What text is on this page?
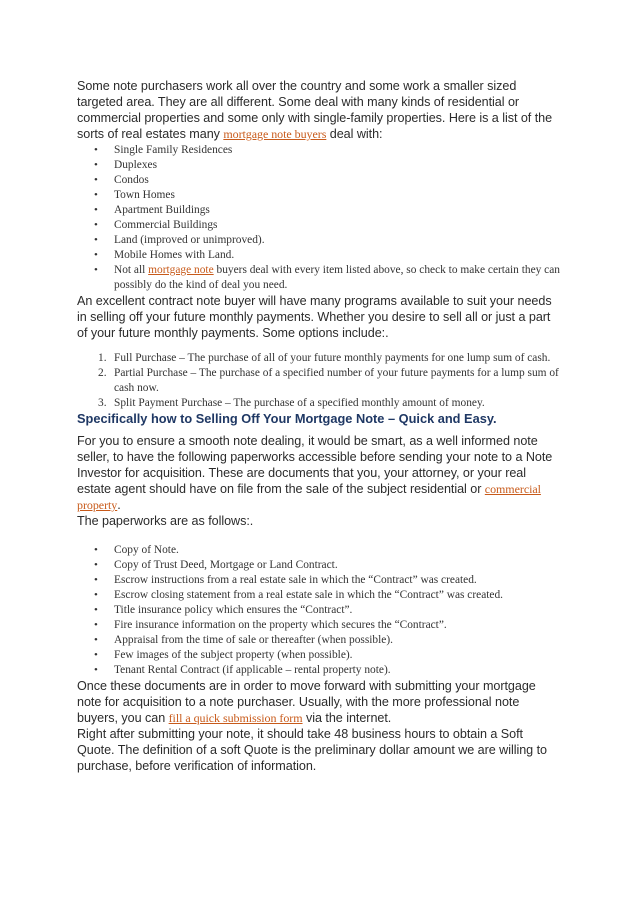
Some note purchasers work all over the country and some work a smaller sized targeted area. They are all different. Some deal with many kinds of residential or commercial properties and some only with single-family properties. Here is a list of the sorts of real estates many mortgage note buyers deal with:

• Single Family Residences
• Duplexes
• Condos
• Town Homes
• Apartment Buildings
• Commercial Buildings
• Land (improved or unimproved).
• Mobile Homes with Land.
• Not all mortgage note buyers deal with every item listed above, so check to make certain they can possibly do the kind of deal you need.

An excellent contract note buyer will have many programs available to suit your needs in selling off your future monthly payments. Whether you desire to sell all or just a part of your future monthly payments. Some options include:.

1. Full Purchase – The purchase of all of your future monthly payments for one lump sum of cash.
2. Partial Purchase – The purchase of a specified number of your future payments for a lump sum of cash now.
3. Split Payment Purchase – The purchase of a specified monthly amount of money.
Specifically how to Selling Off Your Mortgage Note – Quick and Easy.

For you to ensure a smooth note dealing, it would be smart, as a well informed note seller, to have the following paperworks accessible before sending your note to a Note Investor for acquisition. These are documents that you, your attorney, or your real estate agent should have on file from the sale of the subject residential or commercial property.

The paperworks are as follows:.

• Copy of Note.
• Copy of Trust Deed, Mortgage or Land Contract.
• Escrow instructions from a real estate sale in which the “Contract” was created.
• Escrow closing statement from a real estate sale in which the “Contract” was created.
• Title insurance policy which ensures the “Contract”.
• Fire insurance information on the property which secures the “Contract”.
• Appraisal from the time of sale or thereafter (when possible).
• Few images of the subject property (when possible).
• Tenant Rental Contract (if applicable – rental property note).

Once these documents are in order to move forward with submitting your mortgage note for acquisition to a note purchaser. Usually, with the more professional note buyers, you can fill a quick submission form via the internet.

Right after submitting your note, it should take 48 business hours to obtain a Soft Quote. The definition of a soft Quote is the preliminary dollar amount we are willing to purchase, before verification of information.
